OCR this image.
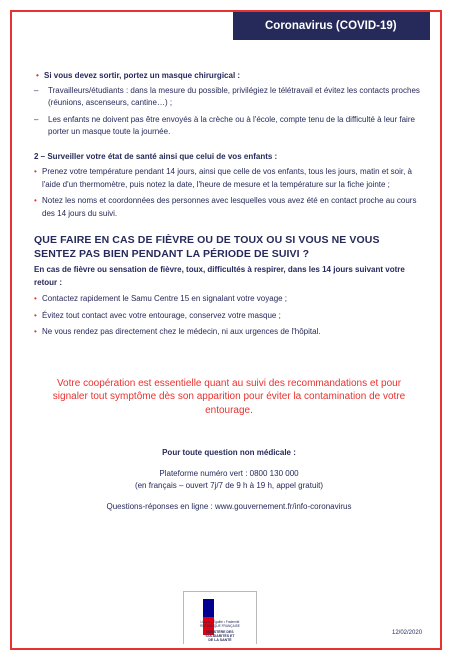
Coronavirus (COVID-19)

• Si vous devez sortir, portez un masque chirurgical :

– Travailleurs/étudiants : dans la mesure du possible, privilégiez le télétravail et évitez les contacts proches (réunions, ascenseurs, cantine…) ;

– Les enfants ne doivent pas être envoyés à la crèche ou à l'école, compte tenu de la difficulté à leur faire porter un masque toute la journée.

2 – Surveiller votre état de santé ainsi que celui de vos enfants :

• Prenez votre température pendant 14 jours, ainsi que celle de vos enfants, tous les jours, matin et soir, à l'aide d'un thermomètre, puis notez la date, l'heure de mesure et la température sur la fiche jointe ;

• Notez les noms et coordonnées des personnes avec lesquelles vous avez été en contact proche au cours des 14 jours du suivi.

QUE FAIRE EN CAS DE FIÈVRE OU DE TOUX OU SI VOUS NE VOUS SENTEZ PAS BIEN PENDANT LA PÉRIODE DE SUIVI ?

En cas de fièvre ou sensation de fièvre, toux, difficultés à respirer, dans les 14 jours suivant votre retour :

• Contactez rapidement le Samu Centre 15 en signalant votre voyage ;

• Évitez tout contact avec votre entourage, conservez votre masque ;

• Ne vous rendez pas directement chez le médecin, ni aux urgences de l'hôpital.

Votre coopération est essentielle quant au suivi des recommandations et pour signaler tout symptôme dès son apparition pour éviter la contamination de votre entourage.

Pour toute question non médicale :

Plateforme numéro vert : 0800 130 000

(en français – ouvert 7j/7 de 9 h à 19 h, appel gratuit)

Questions-réponses en ligne : www.gouvernement.fr/info-coronavirus

Liberté • Égalité • Fraternité RÉPUBLIQUE FRANÇAISE
MINISTÈRE DES SOLIDARITÉS ET DE LA SANTÉ
12/02/2020
